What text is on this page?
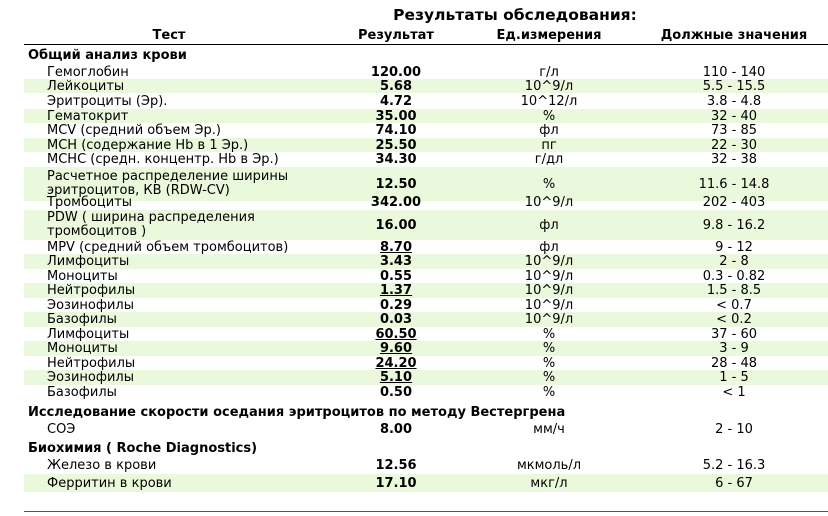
Результаты обследования:
Тест	Результат	Ед.измерения	Должные значения
Общий анализ крови
Гемоглобин	120.00	г/л	110 - 140
Лейкоциты	5.68	10^9/л	5.5 - 15.5
Эритроциты (Эр).	4.72	10^12/л	3.8 - 4.8
Гематокрит	35.00	%	32 - 40
MCV (средний объем Эр.)	74.10	фл	73 - 85
MCH (содержание Hb в 1 Эр.)	25.50	пг	22 - 30
MCHC (средн. концентр. Hb в Эр.)	34.30	г/дл	32 - 38
Расчетное распределение ширины эритроцитов, КВ (RDW-CV)	12.50	%	11.6 - 14.8
Тромбоциты	342.00	10^9/л	202 - 403
PDW ( ширина распределения тромбоцитов )	16.00	фл	9.8 - 16.2
MPV (средний объем тромбоцитов)	8.70	фл	9 - 12
Лимфоциты	3.43	10^9/л	2 - 8
Моноциты	0.55	10^9/л	0.3 - 0.82
Нейтрофилы	1.37	10^9/л	1.5 - 8.5
Эозинофилы	0.29	10^9/л	< 0.7
Базофилы	0.03	10^9/л	< 0.2
Лимфоциты	60.50	%	37 - 60
Моноциты	9.60	%	3 - 9
Нейтрофилы	24.20	%	28 - 48
Эозинофилы	5.10	%	1 - 5
Базофилы	0.50	%	< 1
Исследование скорости оседания эритроцитов по методу Вестергрена
СОЭ	8.00	мм/ч	2 - 10
Биохимия ( Roche Diagnostics)
Железо в крови	12.56	мкмоль/л	5.2 - 16.3
Ферритин в крови	17.10	мкг/л	6 - 67
